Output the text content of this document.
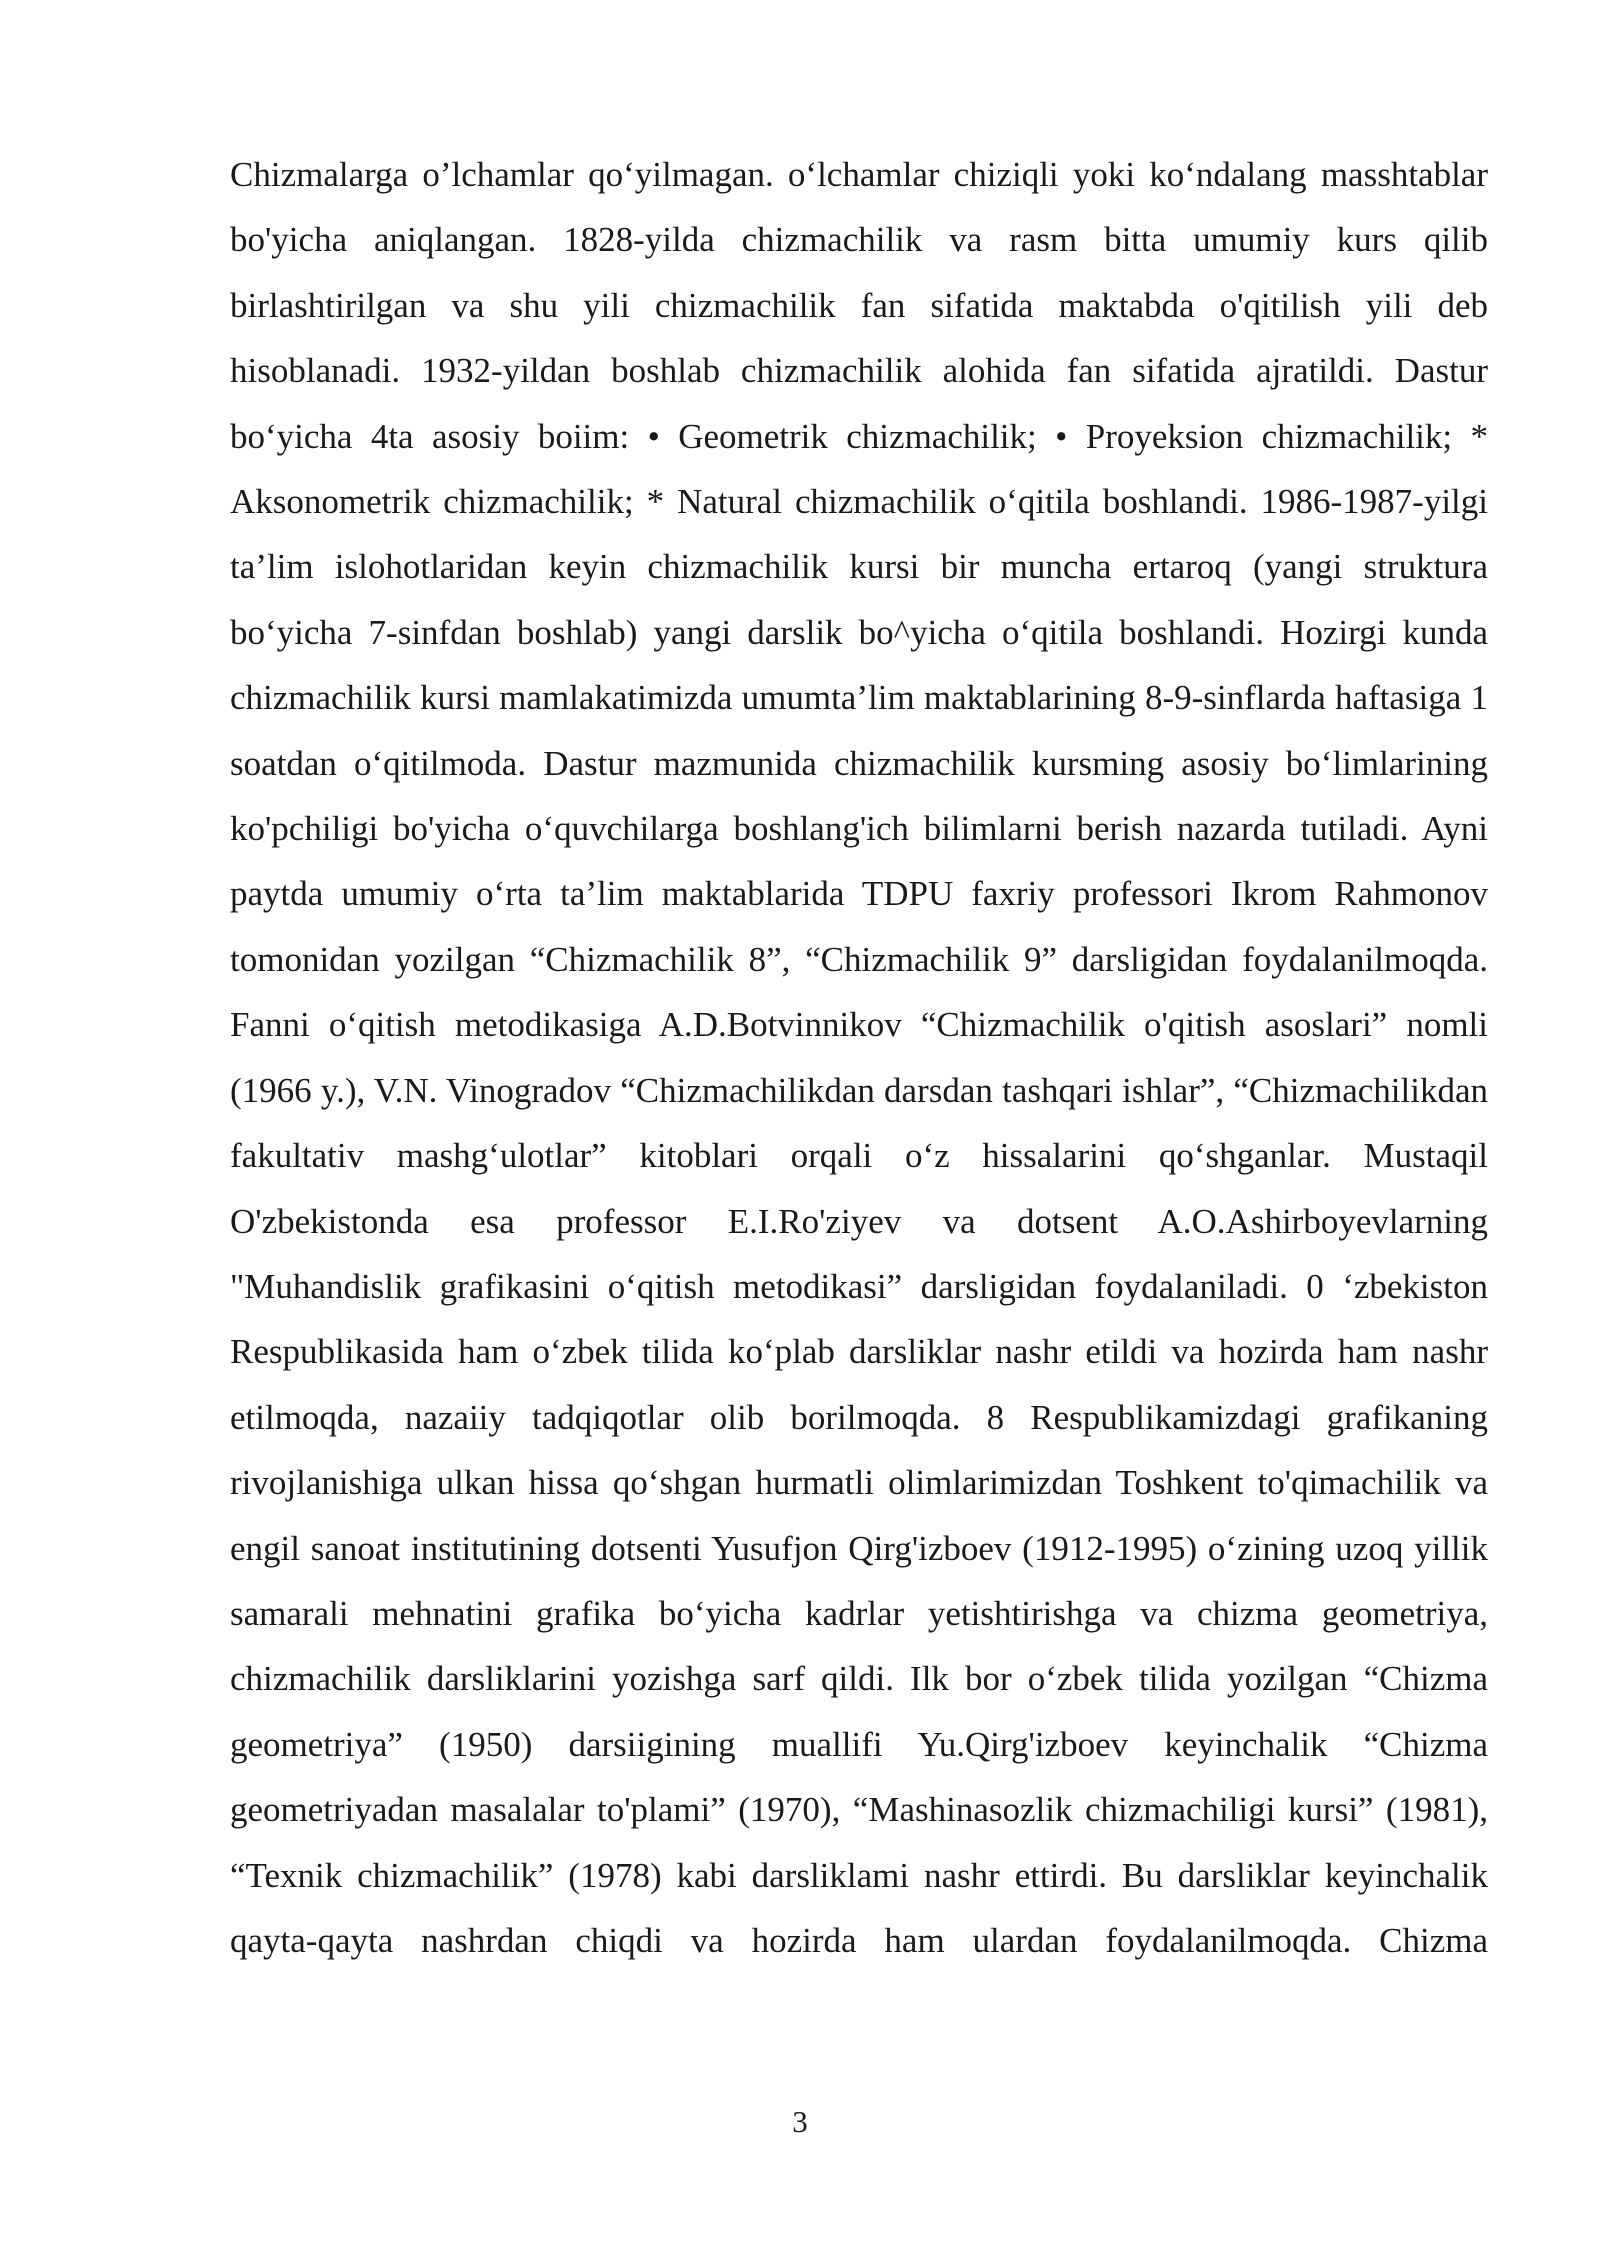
Chizmalarga o’lchamlar qo‘yilmagan. o‘lchamlar chiziqli yoki ko‘ndalang masshtablar bo'yicha aniqlangan. 1828-yilda chizmachilik va rasm bitta umumiy kurs qilib birlashtirilgan va shu yili chizmachilik fan sifatida maktabda o'qitilish yili deb hisoblanadi. 1932-yildan boshlab chizmachilik alohida fan sifatida ajratildi. Dastur bo‘yicha 4ta asosiy boiim: • Geometrik chizmachilik; • Proyeksion chizmachilik; * Aksonometrik chizmachilik; * Natural chizmachilik o‘qitila boshlandi. 1986-1987-yilgi ta’lim islohotlaridan keyin chizmachilik kursi bir muncha ertaroq (yangi struktura bo‘yicha 7-sinfdan boshlab) yangi darslik bo^yicha o‘qitila boshlandi. Hozirgi kunda chizmachilik kursi mamlakatimizda umumta’lim maktablarining 8-9-sinflarda haftasiga 1 soatdan o‘qitilmoda. Dastur mazmunida chizmachilik kursming asosiy bo‘limlarining ko'pchiligi bo'yicha o‘quvchilarga boshlang'ich bilimlarni berish nazarda tutiladi. Ayni paytda umumiy o‘rta ta’lim maktablarida TDPU faxriy professori Ikrom Rahmonov tomonidan yozilgan “Chizmachilik 8”, “Chizmachilik 9” darsligidan foydalanilmoqda. Fanni o‘qitish metodikasiga A.D.Botvinnikov “Chizmachilik o'qitish asoslari” nomli (1966 y.), V.N. Vinogradov “Chizmachilikdan darsdan tashqari ishlar”, “Chizmachilikdan fakultativ mashg‘ulotlar” kitoblari orqali o‘z hissalarini qo‘shganlar. Mustaqil O'zbekistonda esa professor E.I.Ro'ziyev va dotsent A.O.Ashirboyevlarning "Muhandislik grafikasini o‘qitish metodikasi” darsligidan foydalaniladi. 0 ‘zbekiston Respublikasida ham o‘zbek tilida ko‘plab darsliklar nashr etildi va hozirda ham nashr etilmoqda, nazaiiy tadqiqotlar olib borilmoqda. 8 Respublikamizdagi grafikaning rivojlanishiga ulkan hissa qo‘shgan hurmatli olimlarimizdan Toshkent to'qimachilik va engil sanoat institutining dotsenti Yusufjon Qirg'izboev (1912-1995) o‘zining uzoq yillik samarali mehnatini grafika bo‘yicha kadrlar yetishtirishga va chizma geometriya, chizmachilik darsliklarini yozishga sarf qildi. Ilk bor o‘zbek tilida yozilgan “Chizma geometriya” (1950) darsiigining muallifi Yu.Qirg'izboev keyinchalik “Chizma geometriyadan masalalar to'plami” (1970), “Mashinasozlik chizmachiligi kursi” (1981), “Texnik chizmachilik” (1978) kabi darsliklami nashr ettirdi. Bu darsliklar keyinchalik qayta-qayta nashrdan chiqdi va hozirda ham ulardan foydalanilmoqda. Chizma

3
